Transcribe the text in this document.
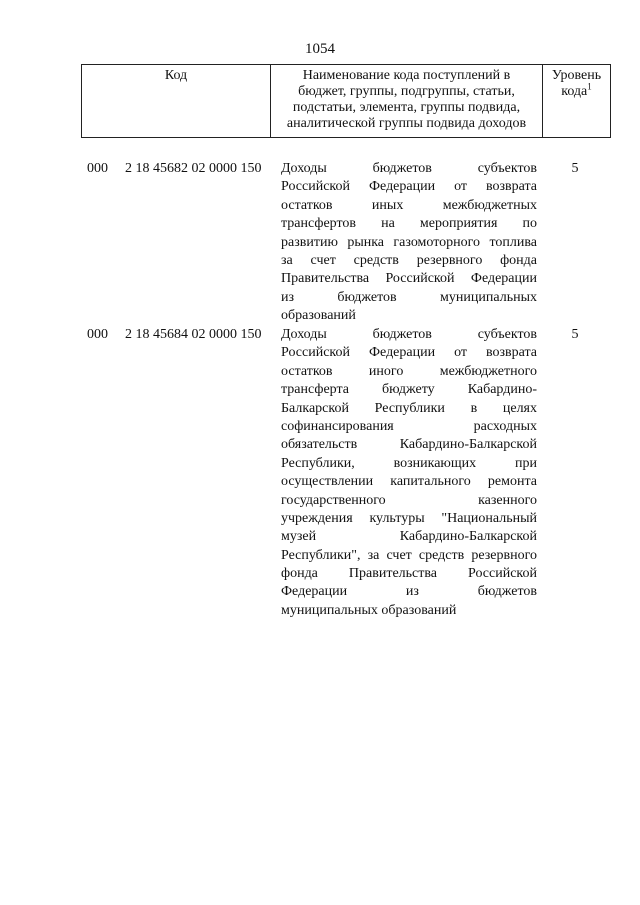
1054
Код	Наименование кода поступлений в
бюджет, группы, подгруппы, статьи,
подстатьи, элемента, группы подвида,
аналитической группы подвида доходов
Уровень
кода$^1$
000 2 18 45682 02 0000 150 Доходы бюджетов субъектов
Российской Федерации от возврата
остатков иных межбюджетных
трансфертов на мероприятия по
развитию рынка газомоторного топлива
за счет средств резервного фонда
Правительства Российской Федерации
из бюджетов муниципальных
образований
5
000 2 18 45684 02 0000 150 Доходы бюджетов субъектов
Российской Федерации от возврата
остатков иного межбюджетного
трансферта бюджету Кабардино-
Балкарской Республики в целях
софинансирования расходных
обязательств Кабардино-Балкарской
Республики, возникающих при
осуществлении капитального ремонта
государственного казенного
учреждения культуры "Национальный
музей Кабардино-Балкарской
Республики", за счет средств резервного
фонда Правительства Российской
Федерации из бюджетов
муниципальных образований
5
